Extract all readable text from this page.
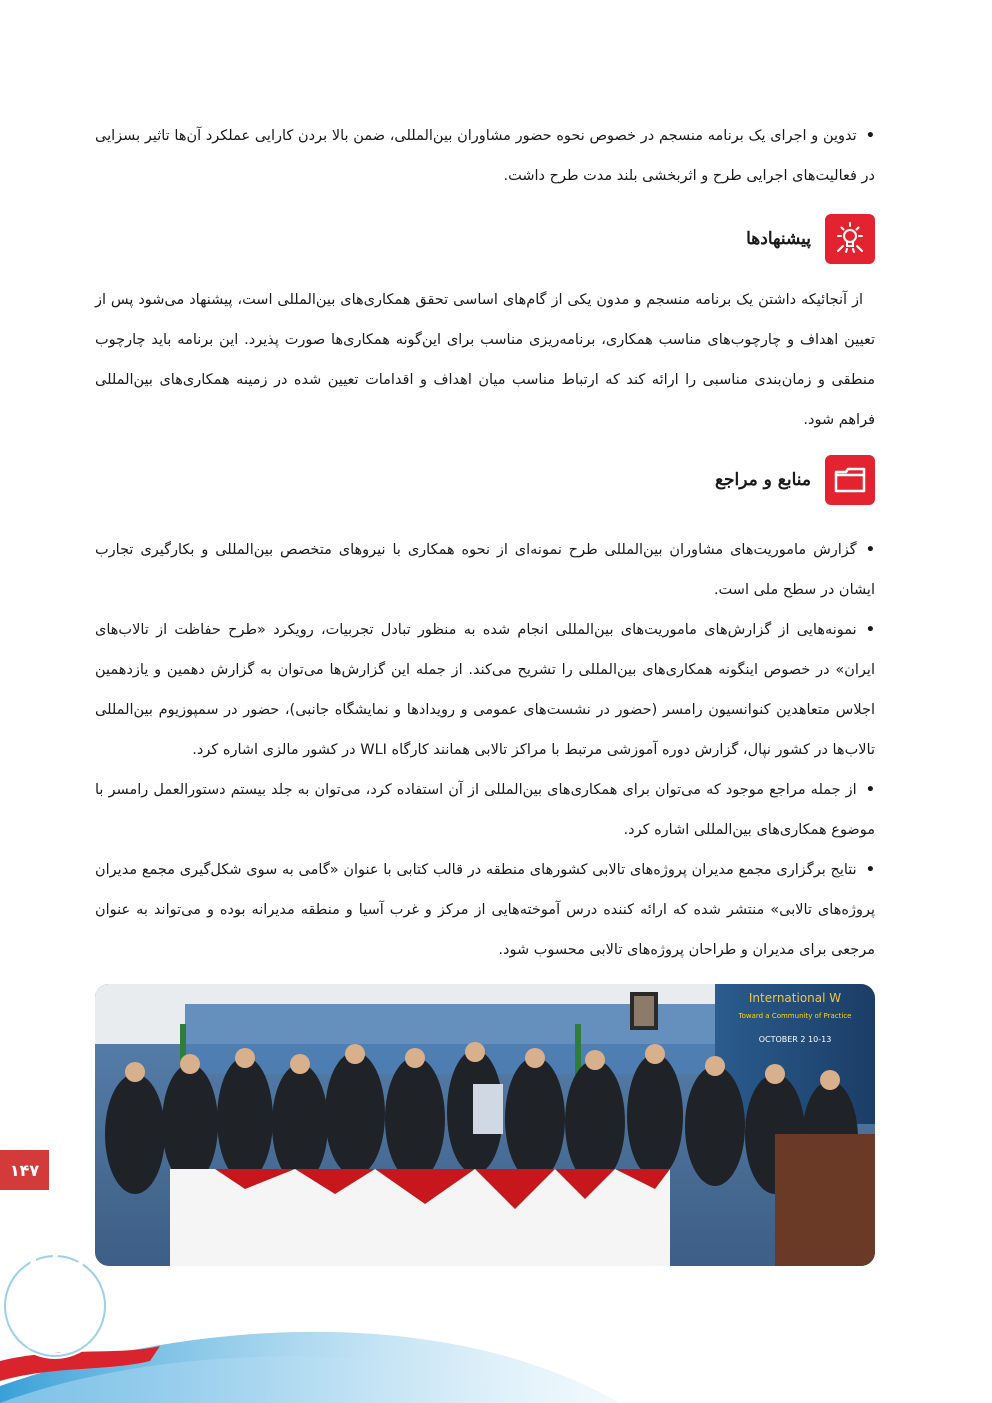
• تدوین و اجرای یک برنامه منسجم در خصوص نحوه حضور مشاوران بین‌المللی، ضمن بالا بردن کارایی عملکرد آن‌ها تاثیر بسزایی در فعالیت‌های اجرایی طرح و اثربخشی بلند مدت طرح داشت.

پیشنهادها

از آنجائیکه داشتن یک برنامه منسجم و مدون یکی از گام‌های اساسی تحقق همکاری‌های بین‌المللی است، پیشنهاد می‌شود پس از تعیین اهداف و چارچوب‌های مناسب همکاری، برنامه‌ریزی مناسب برای این‌گونه همکاری‌ها صورت پذیرد. این برنامه باید چارچوب منطقی و زمان‌بندی مناسبی را ارائه کند که ارتباط مناسب میان اهداف و اقدامات تعیین شده در زمینه همکاری‌های بین‌المللی فراهم شود.

منابع و مراجع

• گزارش ماموریت‌های مشاوران بین‌المللی طرح نمونه‌ای از نحوه همکاری با نیروهای متخصص بین‌المللی و بکارگیری تجارب ایشان در سطح ملی است.

• نمونه‌هایی از گزارش‌های ماموریت‌های بین‌المللی انجام شده به منظور تبادل تجربیات، رویکرد «طرح حفاظت از تالاب‌های ایران» در خصوص اینگونه همکاری‌های بین‌المللی را تشریح می‌کند. از جمله این گزارش‌ها می‌توان به گزارش دهمین و یازدهمین اجلاس متعاهدین کنوانسیون رامسر (حضور در نشست‌های عمومی و رویدادها و نمایشگاه جانبی)، حضور در سمپوزیوم بین‌المللی تالاب‌ها در کشور نپال، گزارش دوره آموزشی مرتبط با مراکز تالابی همانند کارگاه WLI در کشور مالزی اشاره کرد.

• از جمله مراجع موجود که می‌توان برای همکاری‌های بین‌المللی از آن استفاده کرد، می‌توان به جلد بیستم دستورالعمل رامسر با موضوع همکاری‌های بین‌المللی اشاره کرد.

• نتایج برگزاری مجمع مدیران پروژه‌های تالابی کشورهای منطقه در قالب کتابی با عنوان «گامی به سوی شکل‌گیری مجمع مدیران پروژه‌های تالابی» منتشر شده که ارائه کننده درس آموخته‌هایی از مرکز و غرب آسیا و منطقه مدیرانه بوده و می‌تواند به عنوان مرجعی برای مدیران و طراحان پروژه‌های تالابی محسوب شود.

International W
Toward a Community of Practice
10-13 OCTOBER 2
۱۴۷
